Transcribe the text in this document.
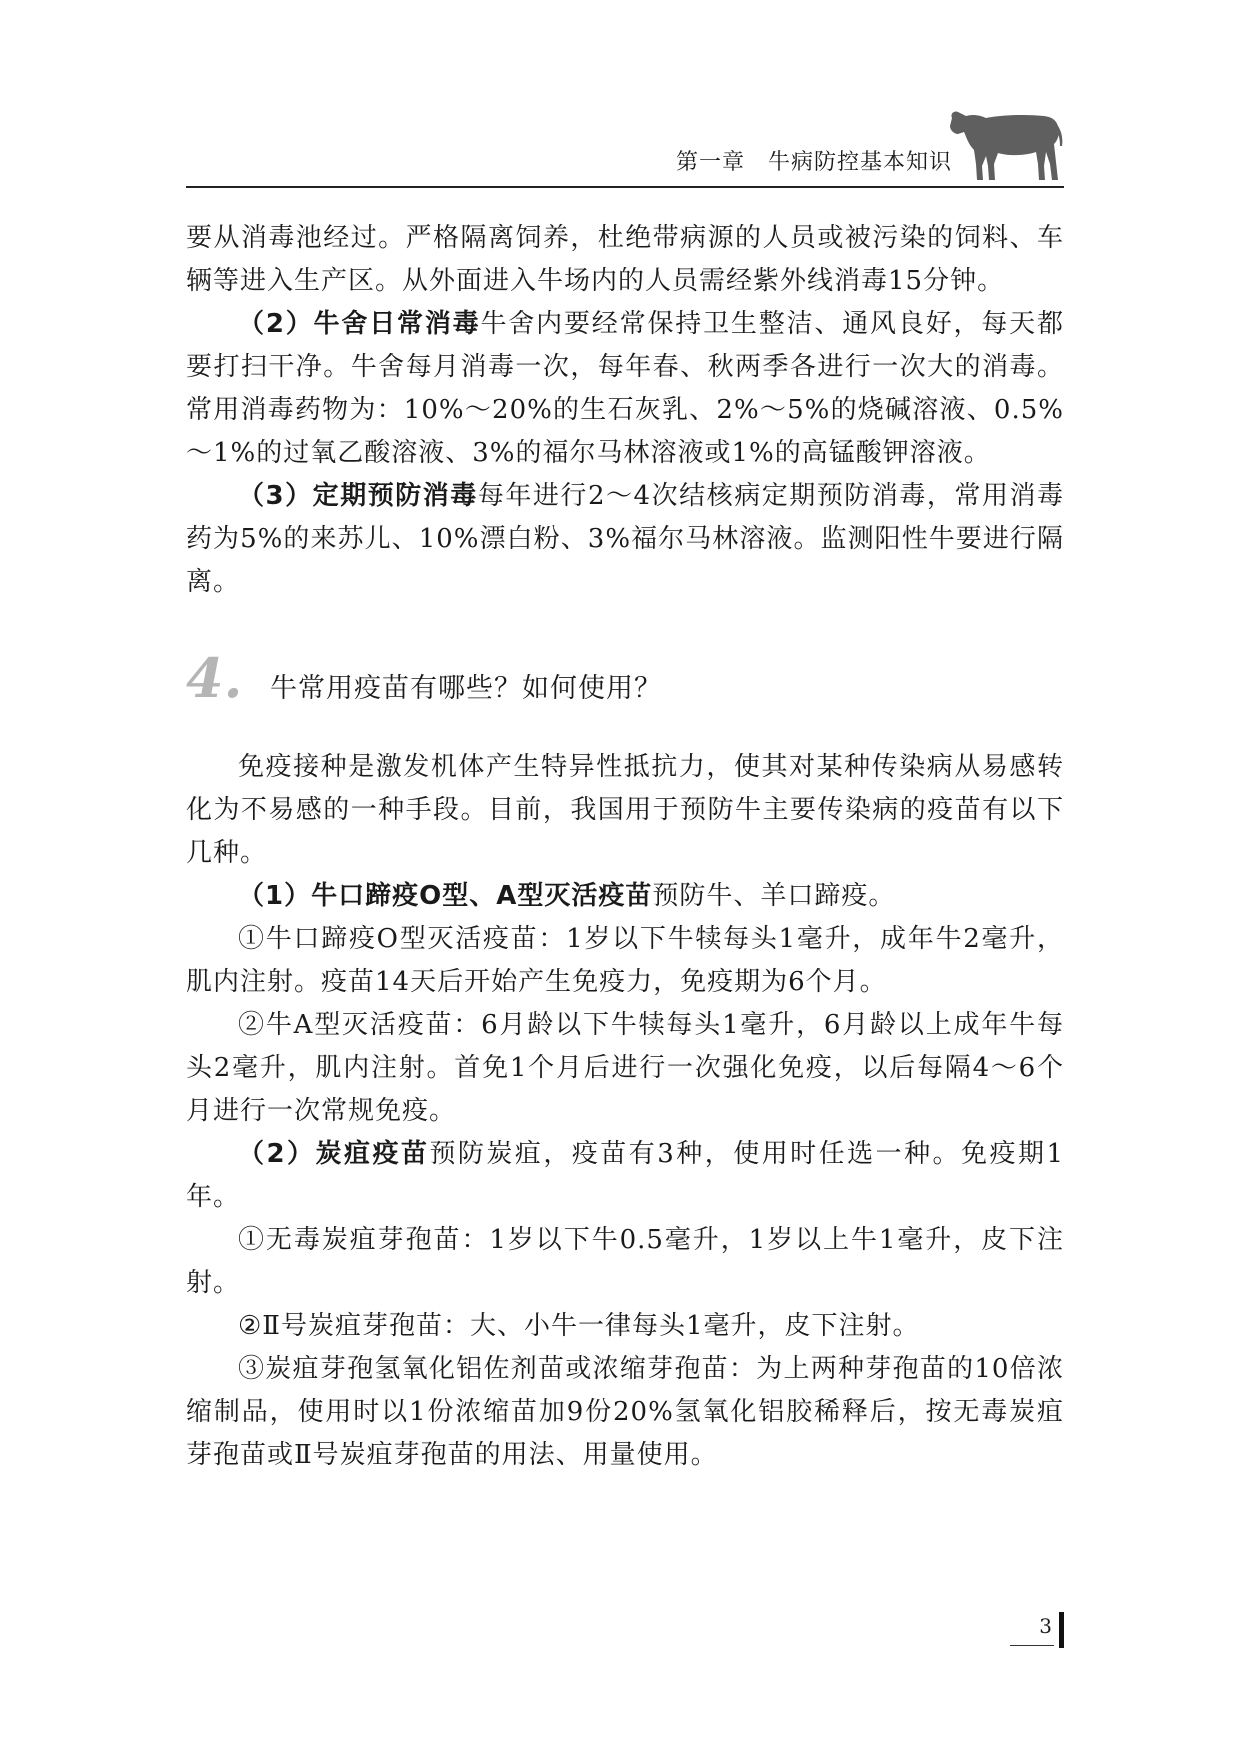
第一章　牛病防控基本知识

要从消毒池经过。严格隔离饲养，杜绝带病源的人员或被污染的饲料、车辆等进入生产区。从外面进入牛场内的人员需经紫外线消毒15分钟。

（2）牛舍日常消毒牛舍内要经常保持卫生整洁、通风良好，每天都要打扫干净。牛舍每月消毒一次，每年春、秋两季各进行一次大的消毒。常用消毒药物为：10%～20%的生石灰乳、2%～5%的烧碱溶液、0.5%～1%的过氧乙酸溶液、3%的福尔马林溶液或1%的高锰酸钾溶液。

（3）定期预防消毒每年进行2～4次结核病定期预防消毒，常用消毒药为5%的来苏儿、10%漂白粉、3%福尔马林溶液。监测阳性牛要进行隔离。

4.	牛常用疫苗有哪些？如何使用？

免疫接种是激发机体产生特异性抵抗力，使其对某种传染病从易感转化为不易感的一种手段。目前，我国用于预防牛主要传染病的疫苗有以下几种。

（1）牛口蹄疫O型、A型灭活疫苗预防牛、羊口蹄疫。

①牛口蹄疫O型灭活疫苗：1岁以下牛犊每头1毫升，成年牛2毫升，肌内注射。疫苗14天后开始产生免疫力，免疫期为6个月。

②牛A型灭活疫苗：6月龄以下牛犊每头1毫升，6月龄以上成年牛每头2毫升，肌内注射。首免1个月后进行一次强化免疫，以后每隔4～6个月进行一次常规免疫。

（2）炭疽疫苗预防炭疽，疫苗有3种，使用时任选一种。免疫期1年。

①无毒炭疽芽孢苗：1岁以下牛0.5毫升，1岁以上牛1毫升，皮下注射。

②Ⅱ号炭疽芽孢苗：大、小牛一律每头1毫升，皮下注射。

③炭疽芽孢氢氧化铝佐剂苗或浓缩芽孢苗：为上两种芽孢苗的10倍浓缩制品，使用时以1份浓缩苗加9份20%氢氧化铝胶稀释后，按无毒炭疽芽孢苗或Ⅱ号炭疽芽孢苗的用法、用量使用。

3
